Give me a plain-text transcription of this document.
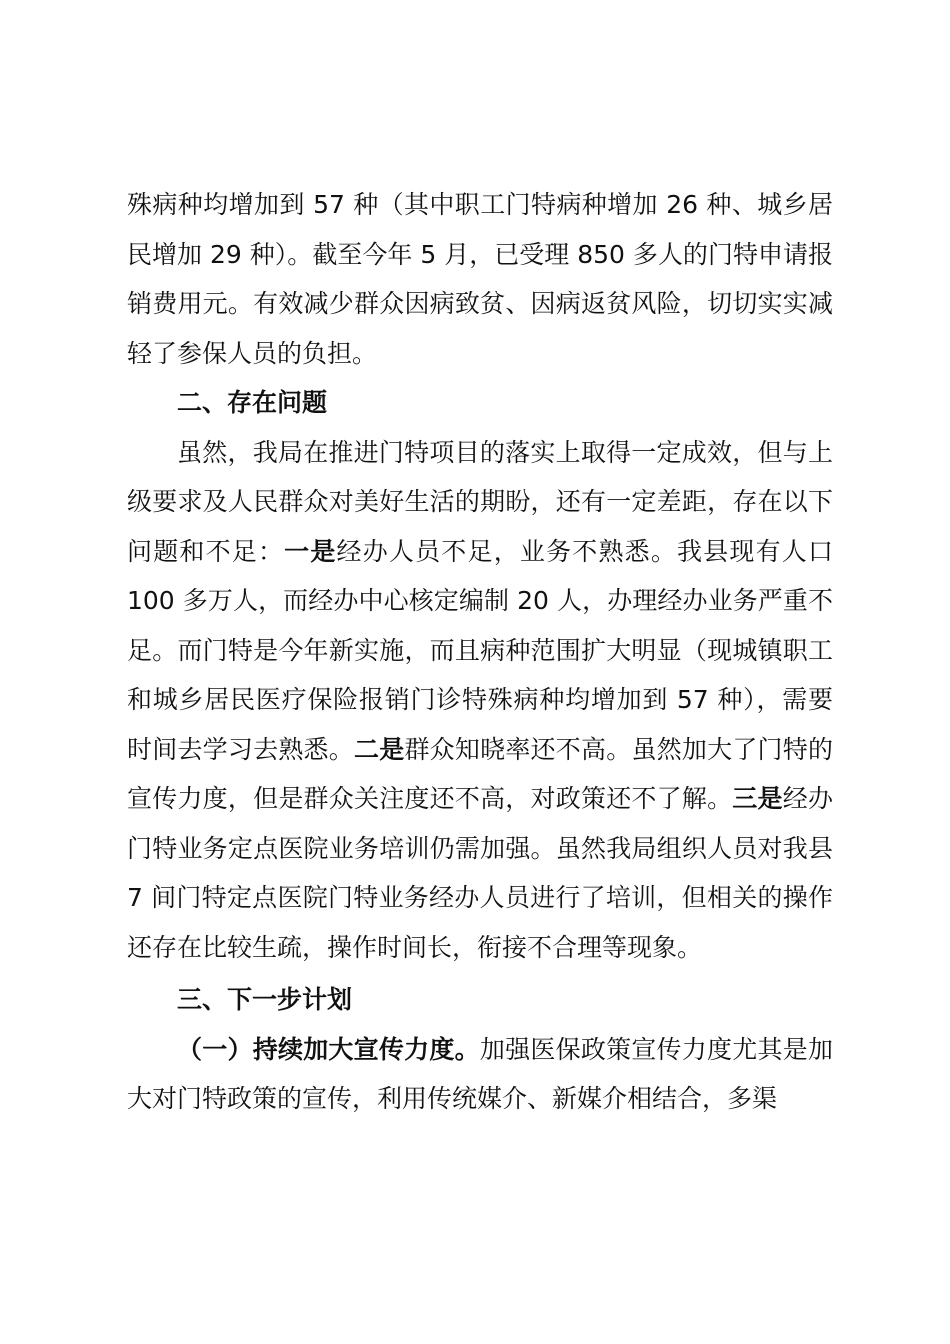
殊病种均增加到 57 种（其中职工门特病种增加 26 种、城乡居民增加 29 种）。截至今年 5 月，已受理 850 多人的门特申请报销费用元。有效减少群众因病致贫、因病返贫风险，切切实实减轻了参保人员的负担。

二、存在问题

虽然，我局在推进门特项目的落实上取得一定成效，但与上级要求及人民群众对美好生活的期盼，还有一定差距，存在以下问题和不足：一是经办人员不足，业务不熟悉。我县现有人口 100 多万人，而经办中心核定编制 20 人，办理经办业务严重不足。而门特是今年新实施，而且病种范围扩大明显（现城镇职工和城乡居民医疗保险报销门诊特殊病种均增加到 57 种），需要时间去学习去熟悉。二是群众知晓率还不高。虽然加大了门特的宣传力度，但是群众关注度还不高，对政策还不了解。三是经办门特业务定点医院业务培训仍需加强。虽然我局组织人员对我县 7 间门特定点医院门特业务经办人员进行了培训，但相关的操作还存在比较生疏，操作时间长，衔接不合理等现象。

三、下一步计划

（一）持续加大宣传力度。加强医保政策宣传力度尤其是加大对门特政策的宣传，利用传统媒介、新媒介相结合，多渠
